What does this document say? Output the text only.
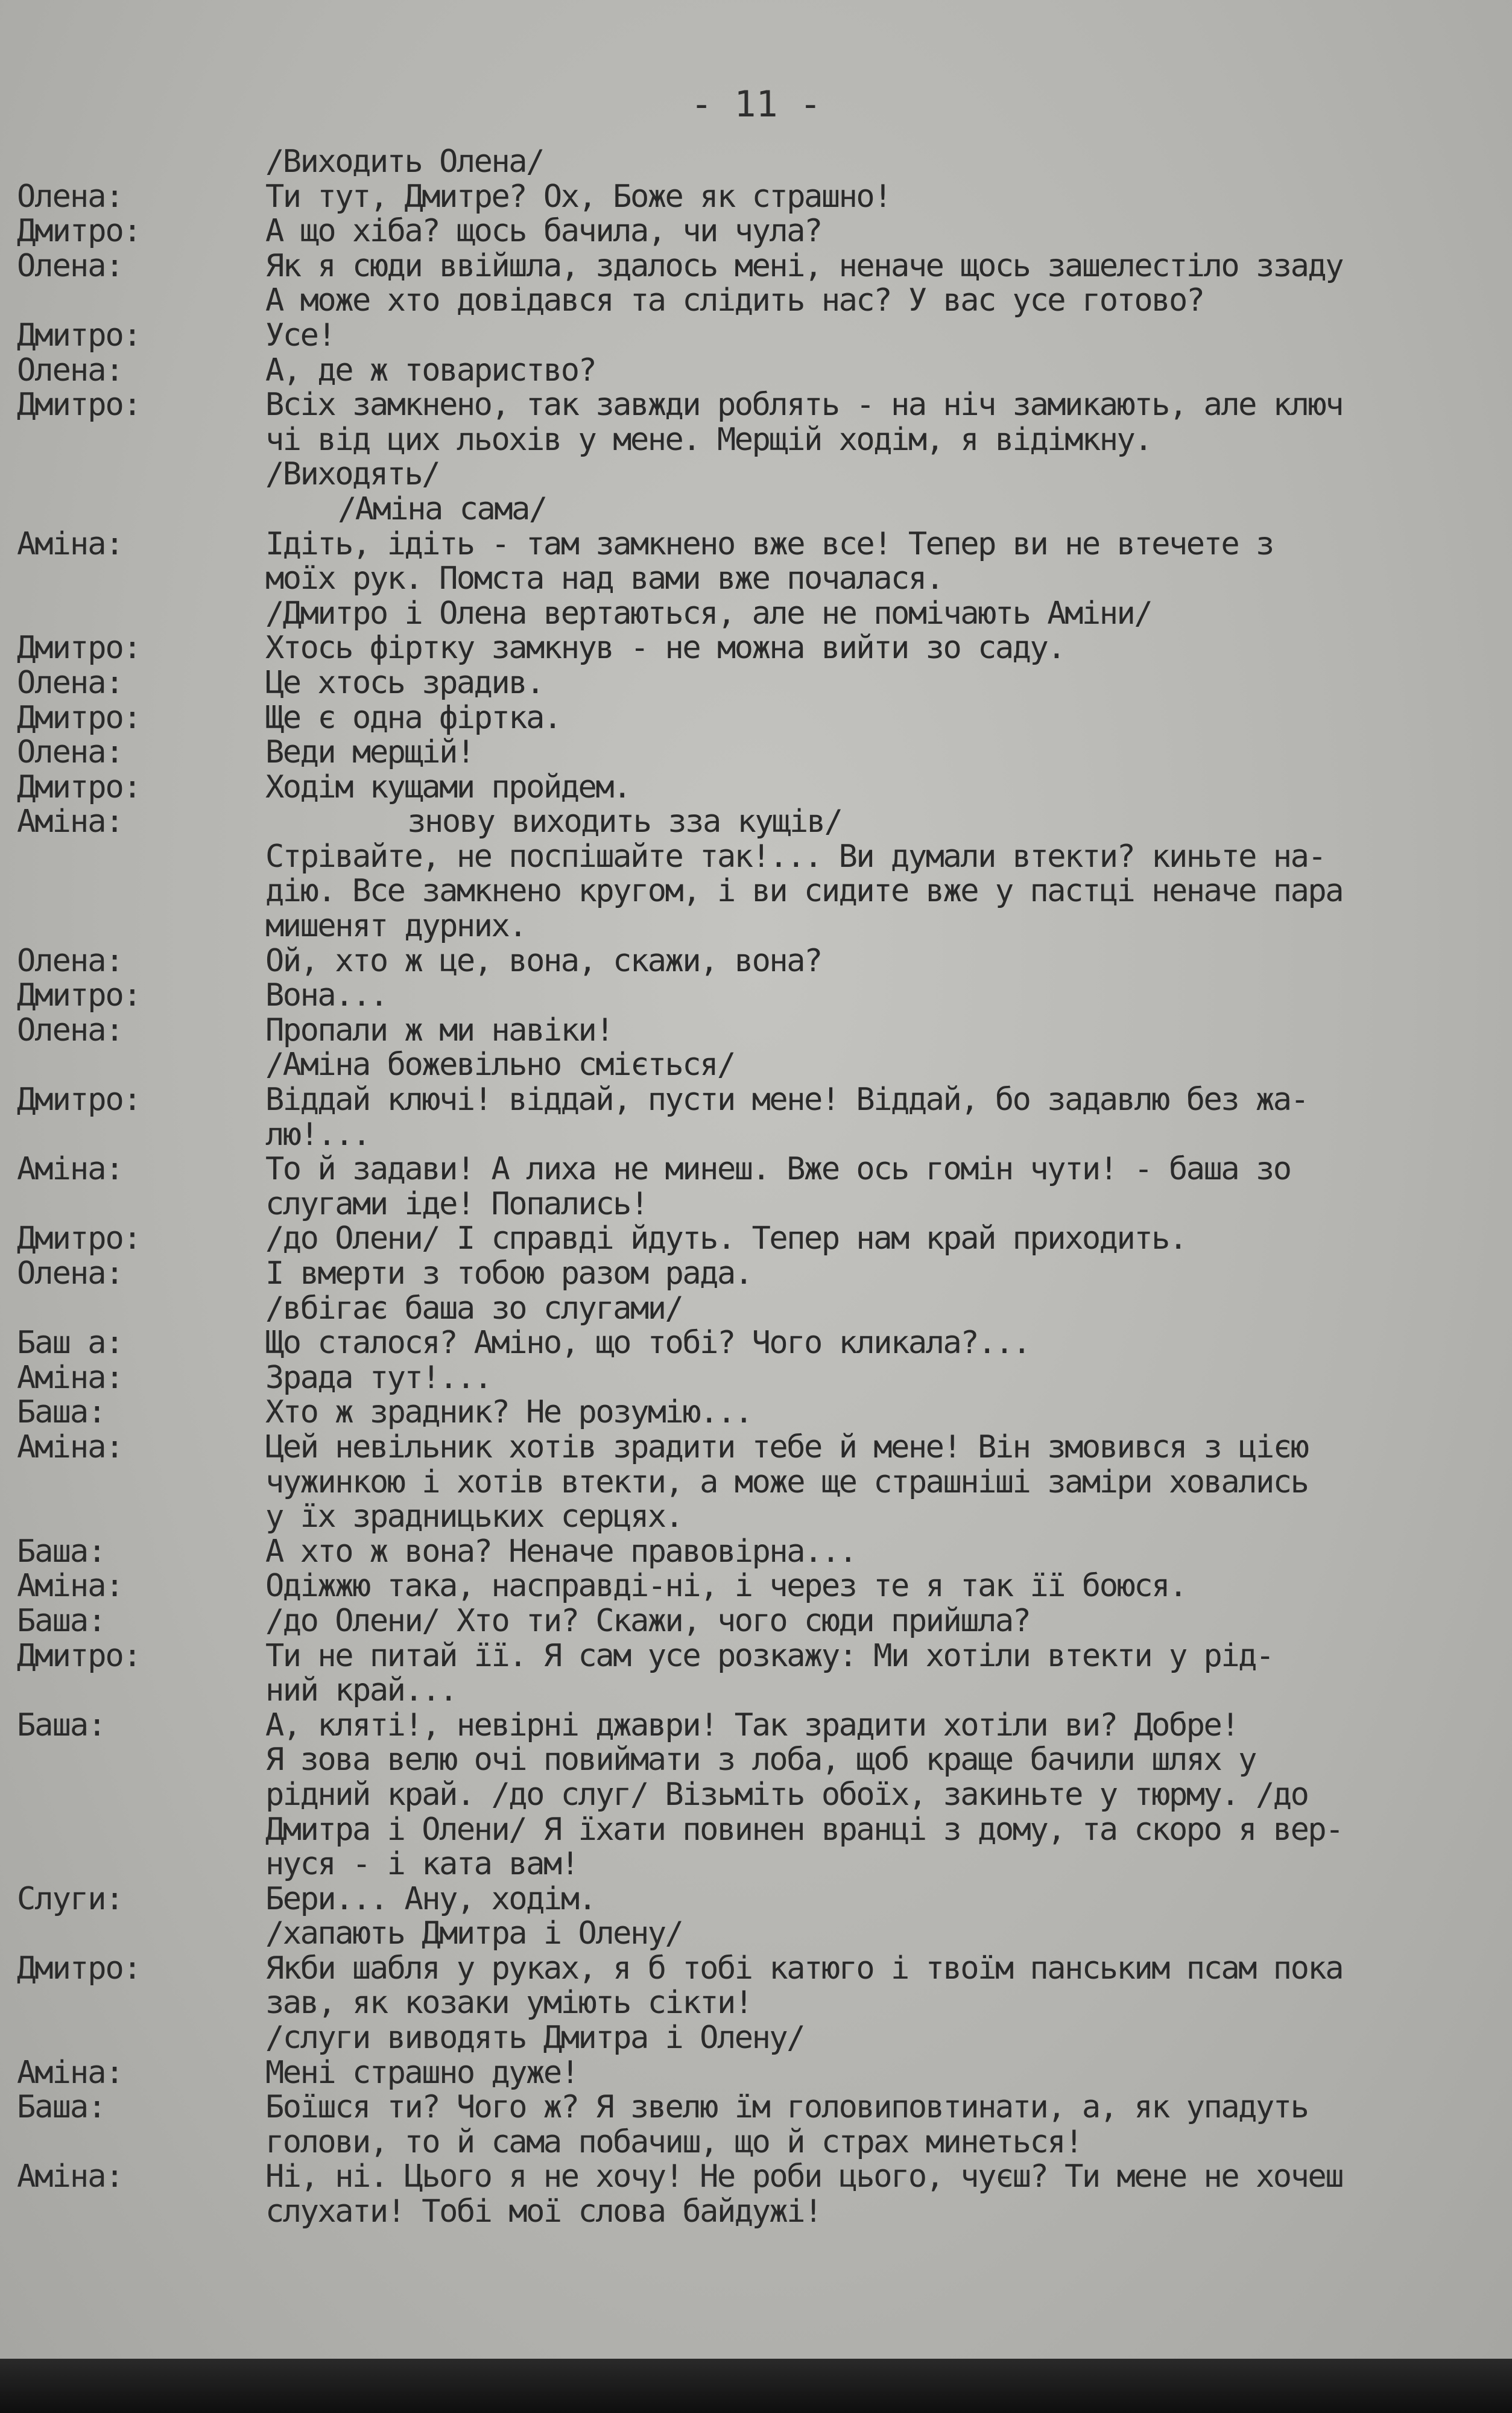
- 11 -
/Виходить Олена/
Олена:	Ти тут, Дмитре? Ох, Боже як страшно!
Дмитро:	А що хіба? щось бачила, чи чула?
Олена:	Як я сюди ввійшла, здалось мені, неначе щось зашелестіло ззаду
А може хто довідався та слідить нас? У вас усе готово?
Дмитро:	Усе!
Олена:	А, де ж товариство?
Дмитро:	Всіх замкнено, так завжди роблять - на ніч замикають, але ключ
чі від цих льохів у мене. Мерщій ходім, я відімкну.
/Виходять/
/Аміна сама/
Аміна:	Ідіть, ідіть - там замкнено вже все! Тепер ви не втечете з
моїх рук. Помста над вами вже почалася.
/Дмитро і Олена вертаються, але не помічають Аміни/
Дмитро:	Хтось фіртку замкнув - не можна вийти зо саду.
Олена:	Це хтось зрадив.
Дмитро:	Ще є одна фіртка.
Олена:	Веди мерщій!
Дмитро:	Ходім кущами пройдем.
Аміна:	знову виходить зза кущів/
Стрівайте, не поспішайте так!... Ви думали втекти? киньте на-
дію. Все замкнено кругом, і ви сидите вже у пастці неначе пара
мишенят дурних.
Олена:	Ой, хто ж це, вона, скажи, вона?
Дмитро:	Вона...
Олена:	Пропали ж ми навіки!
/Аміна божевільно сміється/
Дмитро:	Віддай ключі! віддай, пусти мене! Віддай, бо задавлю без жа-
лю!...
Аміна:	То й задави! А лиха не минеш. Вже ось гомін чути! - баша зо
слугами іде! Попались!
Дмитро:	/до Олени/ І справді йдуть. Тепер нам край приходить.
Олена:	І вмерти з тобою разом рада.
/вбігає баша зо слугами/
Баш а:	Що сталося? Аміно, що тобі? Чого кликала?...
Аміна:	Зрада тут!...
Баша:	Хто ж зрадник? Не розумію...
Аміна:	Цей невільник хотів зрадити тебе й мене! Він змовився з цією
чужинкою і хотів втекти, а може ще страшніші заміри ховались
у їх зрадницьких серцях.
Баша:	А хто ж вона? Неначе правовірна...
Аміна:	Одіжжю така, насправді-ні, і через те я так її боюся.
Баша:	/до Олени/ Хто ти? Скажи, чого сюди прийшла?
Дмитро:	Ти не питай її. Я сам усе розкажу: Ми хотіли втекти у рід-
ний край...
Баша:	А, кляті!, невірні джаври! Так зрадити хотіли ви? Добре!
Я зова велю очі повиймати з лоба, щоб краще бачили шлях у
рідний край. /до слуг/ Візьміть обоїх, закиньте у тюрму. /до
Дмитра і Олени/ Я їхати повинен вранці з дому, та скоро я вер-
нуся - і ката вам!
Слуги:	Бери... Ану, ходім.
/хапають Дмитра і Олену/
Дмитро:	Якби шабля у руках, я б тобі катюго і твоїм панським псам пока
зав, як козаки уміють сікти!
/слуги виводять Дмитра і Олену/
Аміна:	Мені страшно дуже!
Баша:	Боїшся ти? Чого ж? Я звелю їм головиповтинати, а, як упадуть
голови, то й сама побачиш, що й страх минеться!
Аміна:	Ні, ні. Цього я не хочу! Не роби цього, чуєш? Ти мене не хочеш
слухати! Тобі мої слова байдужі!
